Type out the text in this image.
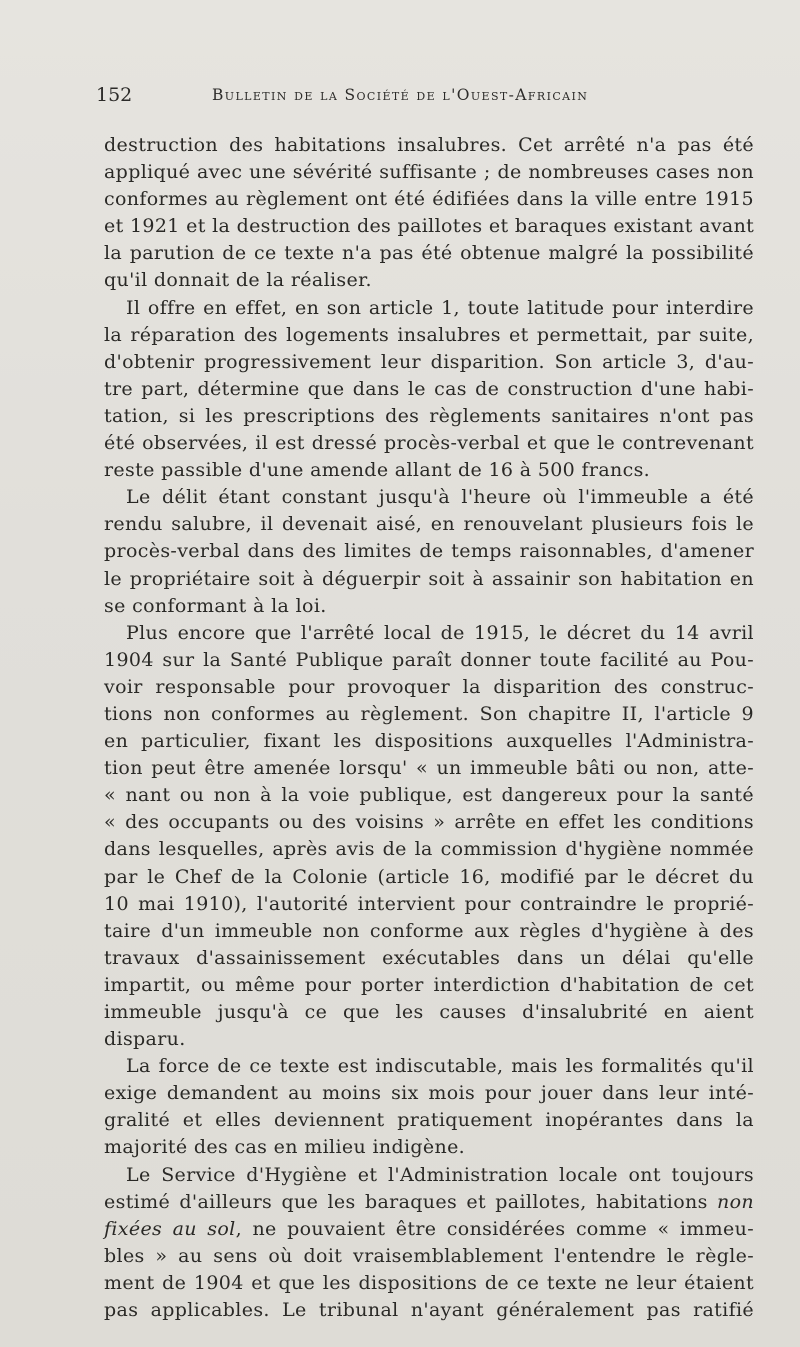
152	Bulletin de la Société de l'Ouest-Africain
destruction des habitations insalubres. Cet arrêté n'a pas été
appliqué avec une sévérité suffisante ; de nombreuses cases non
conformes au règlement ont été édifiées dans la ville entre 1915
et 1921 et la destruction des paillotes et baraques existant avant
la parution de ce texte n'a pas été obtenue malgré la possibilité
qu'il donnait de la réaliser.
Il offre en effet, en son article 1, toute latitude pour interdire
la réparation des logements insalubres et permettait, par suite,
d'obtenir progressivement leur disparition. Son article 3, d'au-
tre part, détermine que dans le cas de construction d'une habi-
tation, si les prescriptions des règlements sanitaires n'ont pas
été observées, il est dressé procès-verbal et que le contrevenant
reste passible d'une amende allant de 16 à 500 francs.
Le délit étant constant jusqu'à l'heure où l'immeuble a été
rendu salubre, il devenait aisé, en renouvelant plusieurs fois le
procès-verbal dans des limites de temps raisonnables, d'amener
le propriétaire soit à déguerpir soit à assainir son habitation en
se conformant à la loi.
Plus encore que l'arrêté local de 1915, le décret du 14 avril
1904 sur la Santé Publique paraît donner toute facilité au Pou-
voir responsable pour provoquer la disparition des construc-
tions non conformes au règlement. Son chapitre II, l'article 9
en particulier, fixant les dispositions auxquelles l'Administra-
tion peut être amenée lorsqu' « un immeuble bâti ou non, atte-
« nant ou non à la voie publique, est dangereux pour la santé
« des occupants ou des voisins » arrête en effet les conditions
dans lesquelles, après avis de la commission d'hygiène nommée
par le Chef de la Colonie (article 16, modifié par le décret du
10 mai 1910), l'autorité intervient pour contraindre le proprié-
taire d'un immeuble non conforme aux règles d'hygiène à des
travaux d'assainissement exécutables dans un délai qu'elle
impartit, ou même pour porter interdiction d'habitation de cet
immeuble jusqu'à ce que les causes d'insalubrité en aient
disparu.
La force de ce texte est indiscutable, mais les formalités qu'il
exige demandent au moins six mois pour jouer dans leur inté-
gralité et elles deviennent pratiquement inopérantes dans la
majorité des cas en milieu indigène.
Le Service d'Hygiène et l'Administration locale ont toujours
estimé d'ailleurs que les baraques et paillotes, habitations non
fixées au sol, ne pouvaient être considérées comme « immeu-
bles » au sens où doit vraisemblablement l'entendre le règle-
ment de 1904 et que les dispositions de ce texte ne leur étaient
pas applicables. Le tribunal n'ayant généralement pas ratifié
